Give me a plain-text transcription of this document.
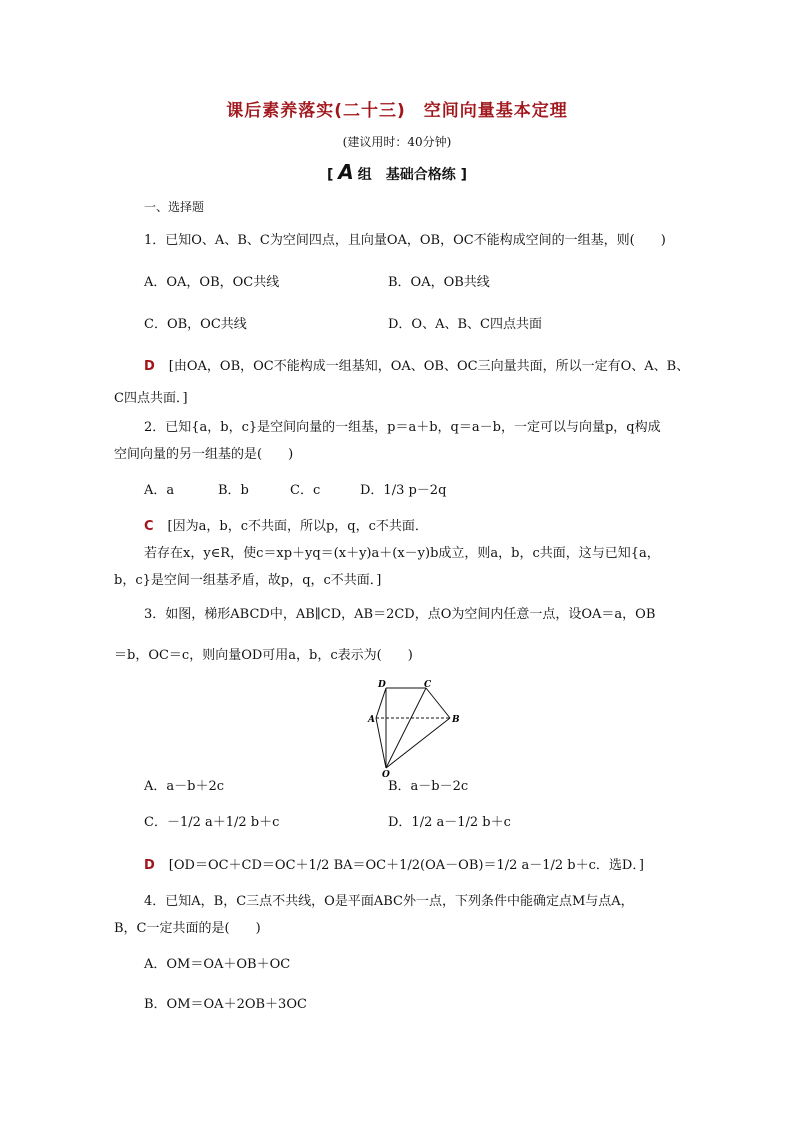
课后素养落实(二十三) 空间向量基本定理
(建议用时：40分钟)
[ A 组　基础合格练 ]
一、选择题
1．已知O、A、B、C为空间四点，且向量OA，OB，OC不能构成空间的一组基，则(　　)
A．OA，OB，OC共线	B．OA，OB共线
C．OB，OC共线	D．O、A、B、C四点共面
D [由OA，OB，OC不能构成一组基知，OA、OB、OC三向量共面，所以一定有O、A、B、
C四点共面．]
2．已知{a，b，c}是空间向量的一组基，p＝a＋b，q＝a－b，一定可以与向量p，q构成
空间向量的另一组基的是(　　)
A．a	B．b	C．c	D．1/3 p－2q
C [因为a，b，c不共面，所以p，q，c不共面．
若存在x，y∈R，使c＝xp＋yq＝(x＋y)a＋(x－y)b成立，则a，b，c共面，这与已知{a，
b，c}是空间一组基矛盾，故p，q，c不共面．]
3．如图，梯形ABCD中，AB∥CD，AB＝2CD，点O为空间内任意一点，设OA＝a，OB
＝b，OC＝c，则向量OD可用a，b，c表示为(　　)
D	C
A	B
O
A．a－b＋2c	B．a－b－2c
C．－1/2 a＋1/2 b＋c	D．1/2 a－1/2 b＋c
D [OD＝OC＋CD＝OC＋1/2 BA＝OC＋1/2(OA－OB)＝1/2 a－1/2 b＋c．选D．]
4．已知A，B，C三点不共线，O是平面ABC外一点，下列条件中能确定点M与点A，
B，C一定共面的是(　　)
A．OM＝OA＋OB＋OC
B．OM＝OA＋2OB＋3OC
